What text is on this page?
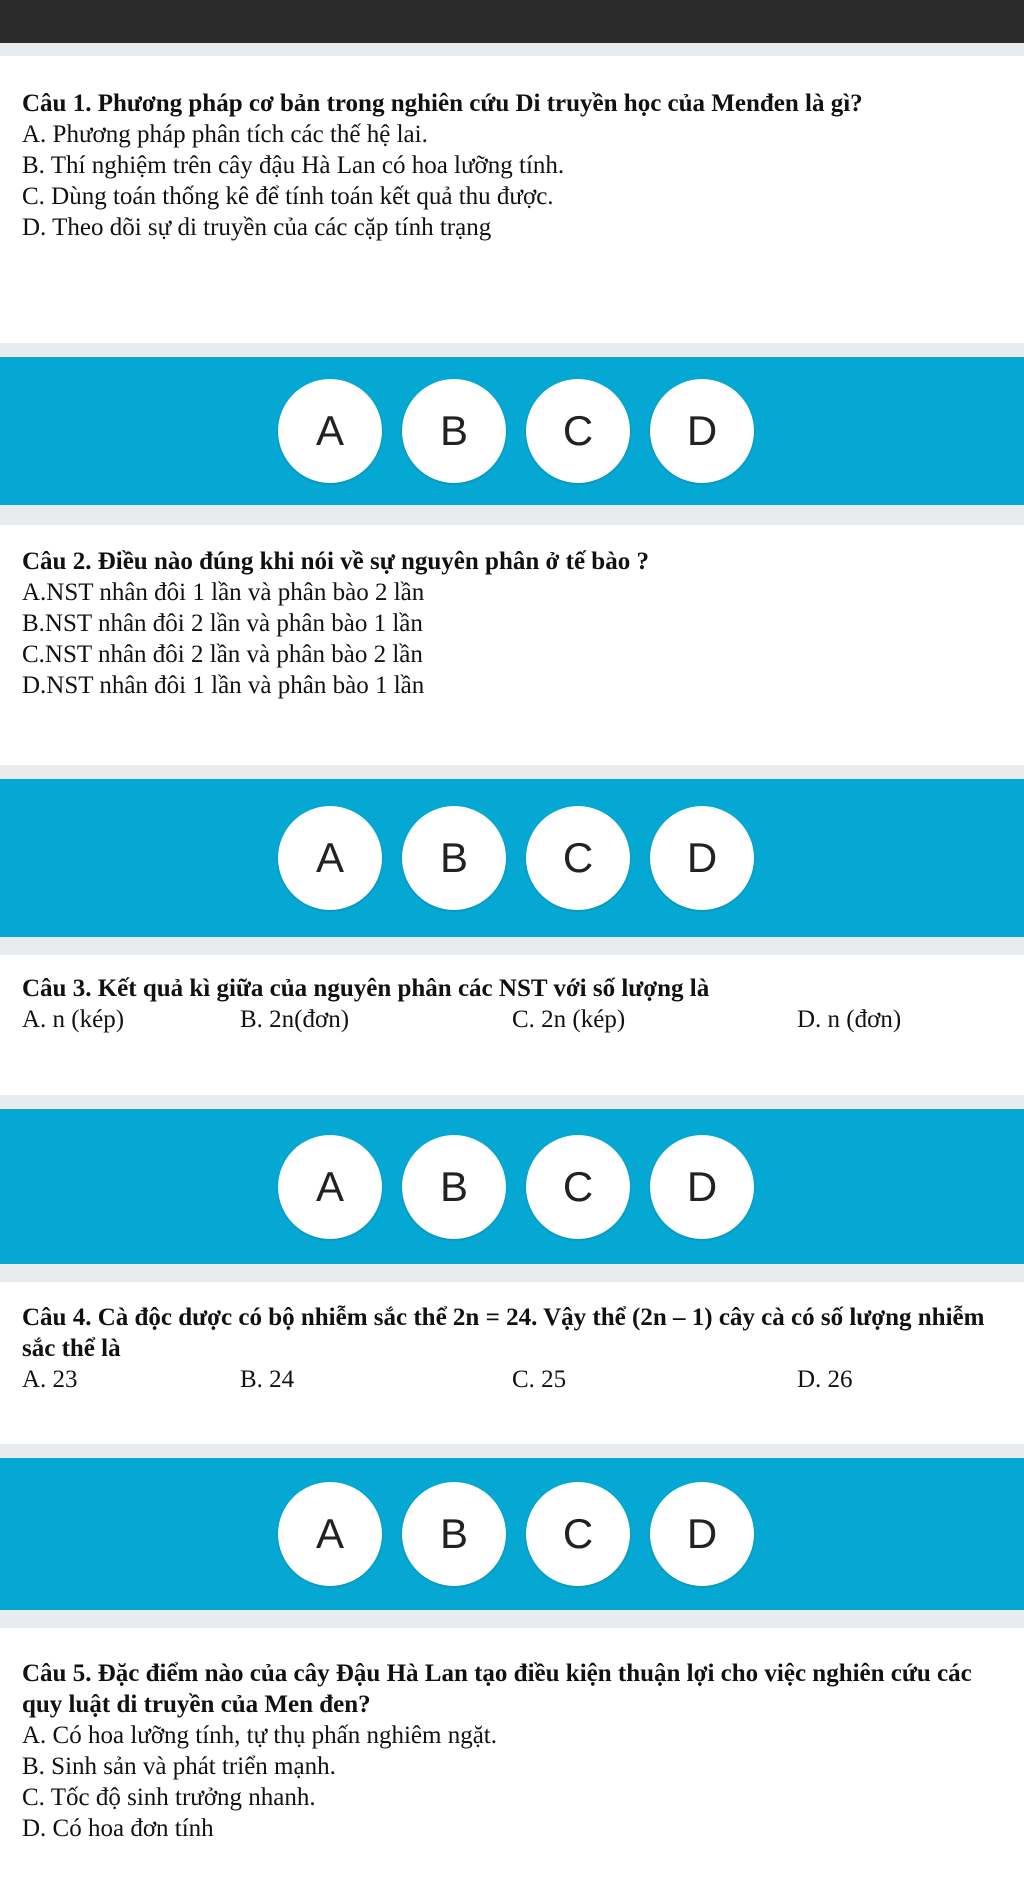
Câu 1. Phương pháp cơ bản trong nghiên cứu Di truyền học của Menđen là gì?

A. Phương pháp phân tích các thế hệ lai.

B. Thí nghiệm trên cây đậu Hà Lan có hoa lưỡng tính.

C. Dùng toán thống kê để tính toán kết quả thu được.

D. Theo dõi sự di truyền của các cặp tính trạng

A	B	C	D

Câu 2. Điều nào đúng khi nói về sự nguyên phân ở tế bào ?

A.NST nhân đôi 1 lần và phân bào 2 lần

B.NST nhân đôi 2 lần và phân bào 1 lần

C.NST nhân đôi 2 lần và phân bào 2 lần

D.NST nhân đôi 1 lần và phân bào 1 lần

A	B	C	D

Câu 3. Kết quả kì giữa của nguyên phân các NST với số lượng là

A. n (kép)	B. 2n(đơn)	C. 2n (kép)	D. n (đơn)
A	B	C	D

Câu 4. Cà độc dược có bộ nhiễm sắc thể 2n = 24. Vậy thể (2n – 1) cây cà có số lượng nhiễm sắc thể là

A. 23	B. 24	C. 25	D. 26
A	B	C	D

Câu 5. Đặc điểm nào của cây Đậu Hà Lan tạo điều kiện thuận lợi cho việc nghiên cứu các quy luật di truyền của Men đen?

A. Có hoa lưỡng tính, tự thụ phấn nghiêm ngặt.

B. Sinh sản và phát triển mạnh.

C. Tốc độ sinh trưởng nhanh.

D. Có hoa đơn tính
